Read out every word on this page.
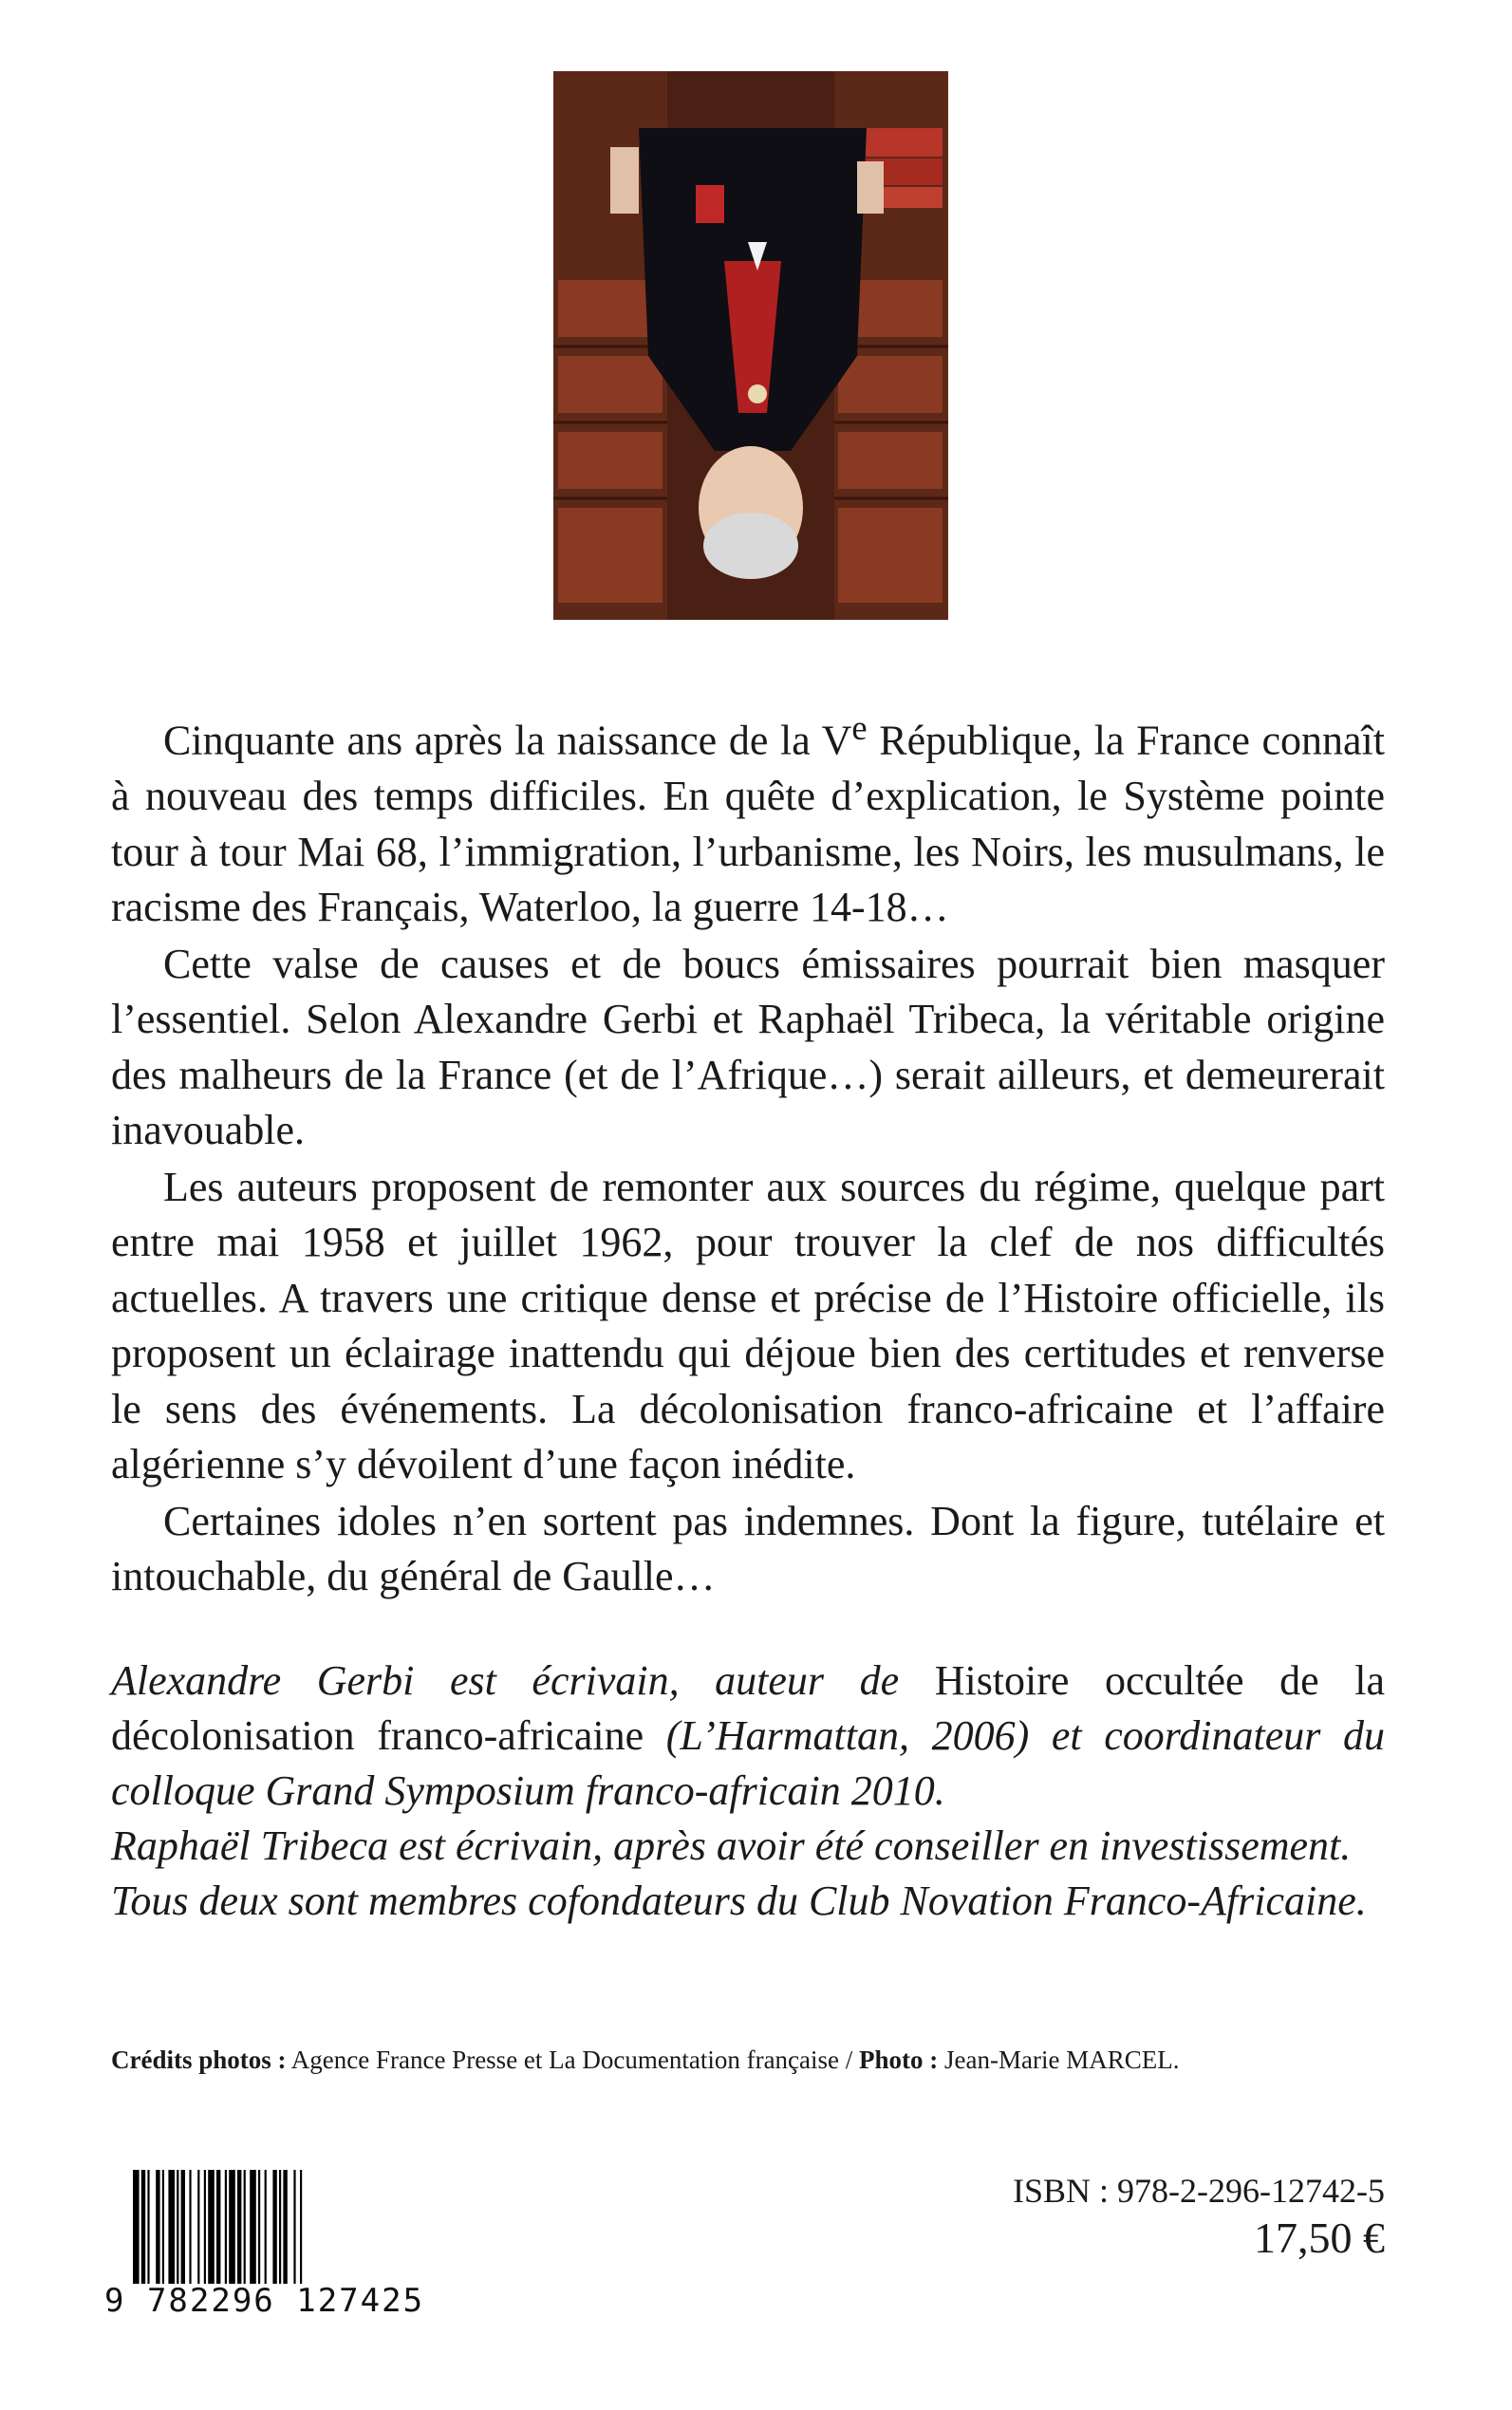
Cinquante ans après la naissance de la Ve République, la France connaît à nouveau des temps difficiles. En quête d’explication, le Système pointe tour à tour Mai 68, l’immigration, l’urbanisme, les Noirs, les musulmans, le racisme des Français, Waterloo, la guerre 14-18…

Cette valse de causes et de boucs émissaires pourrait bien masquer l’essentiel. Selon Alexandre Gerbi et Raphaël Tribeca, la véritable origine des malheurs de la France (et de l’Afrique…) serait ailleurs, et demeurerait inavouable.

Les auteurs proposent de remonter aux sources du régime, quelque part entre mai 1958 et juillet 1962, pour trouver la clef de nos difficultés actuelles. A travers une critique dense et précise de l’Histoire officielle, ils proposent un éclairage inattendu qui déjoue bien des certitudes et renverse le sens des événements. La décolonisation franco-africaine et l’affaire algérienne s’y dévoilent d’une façon inédite.

Certaines idoles n’en sortent pas indemnes. Dont la figure, tutélaire et intouchable, du général de Gaulle…

Alexandre Gerbi est écrivain, auteur de Histoire occultée de la décolonisation franco-africaine (L’Harmattan, 2006) et coordinateur du colloque Grand Symposium franco-africain 2010.

Raphaël Tribeca est écrivain, après avoir été conseiller en investissement.

Tous deux sont membres cofondateurs du Club Novation Franco-Africaine.

Crédits photos : Agence France Presse et La Documentation française / Photo : Jean-Marie MARCEL.
9 782296 127425
ISBN : 978-2-296-12742-5
17,50 €
